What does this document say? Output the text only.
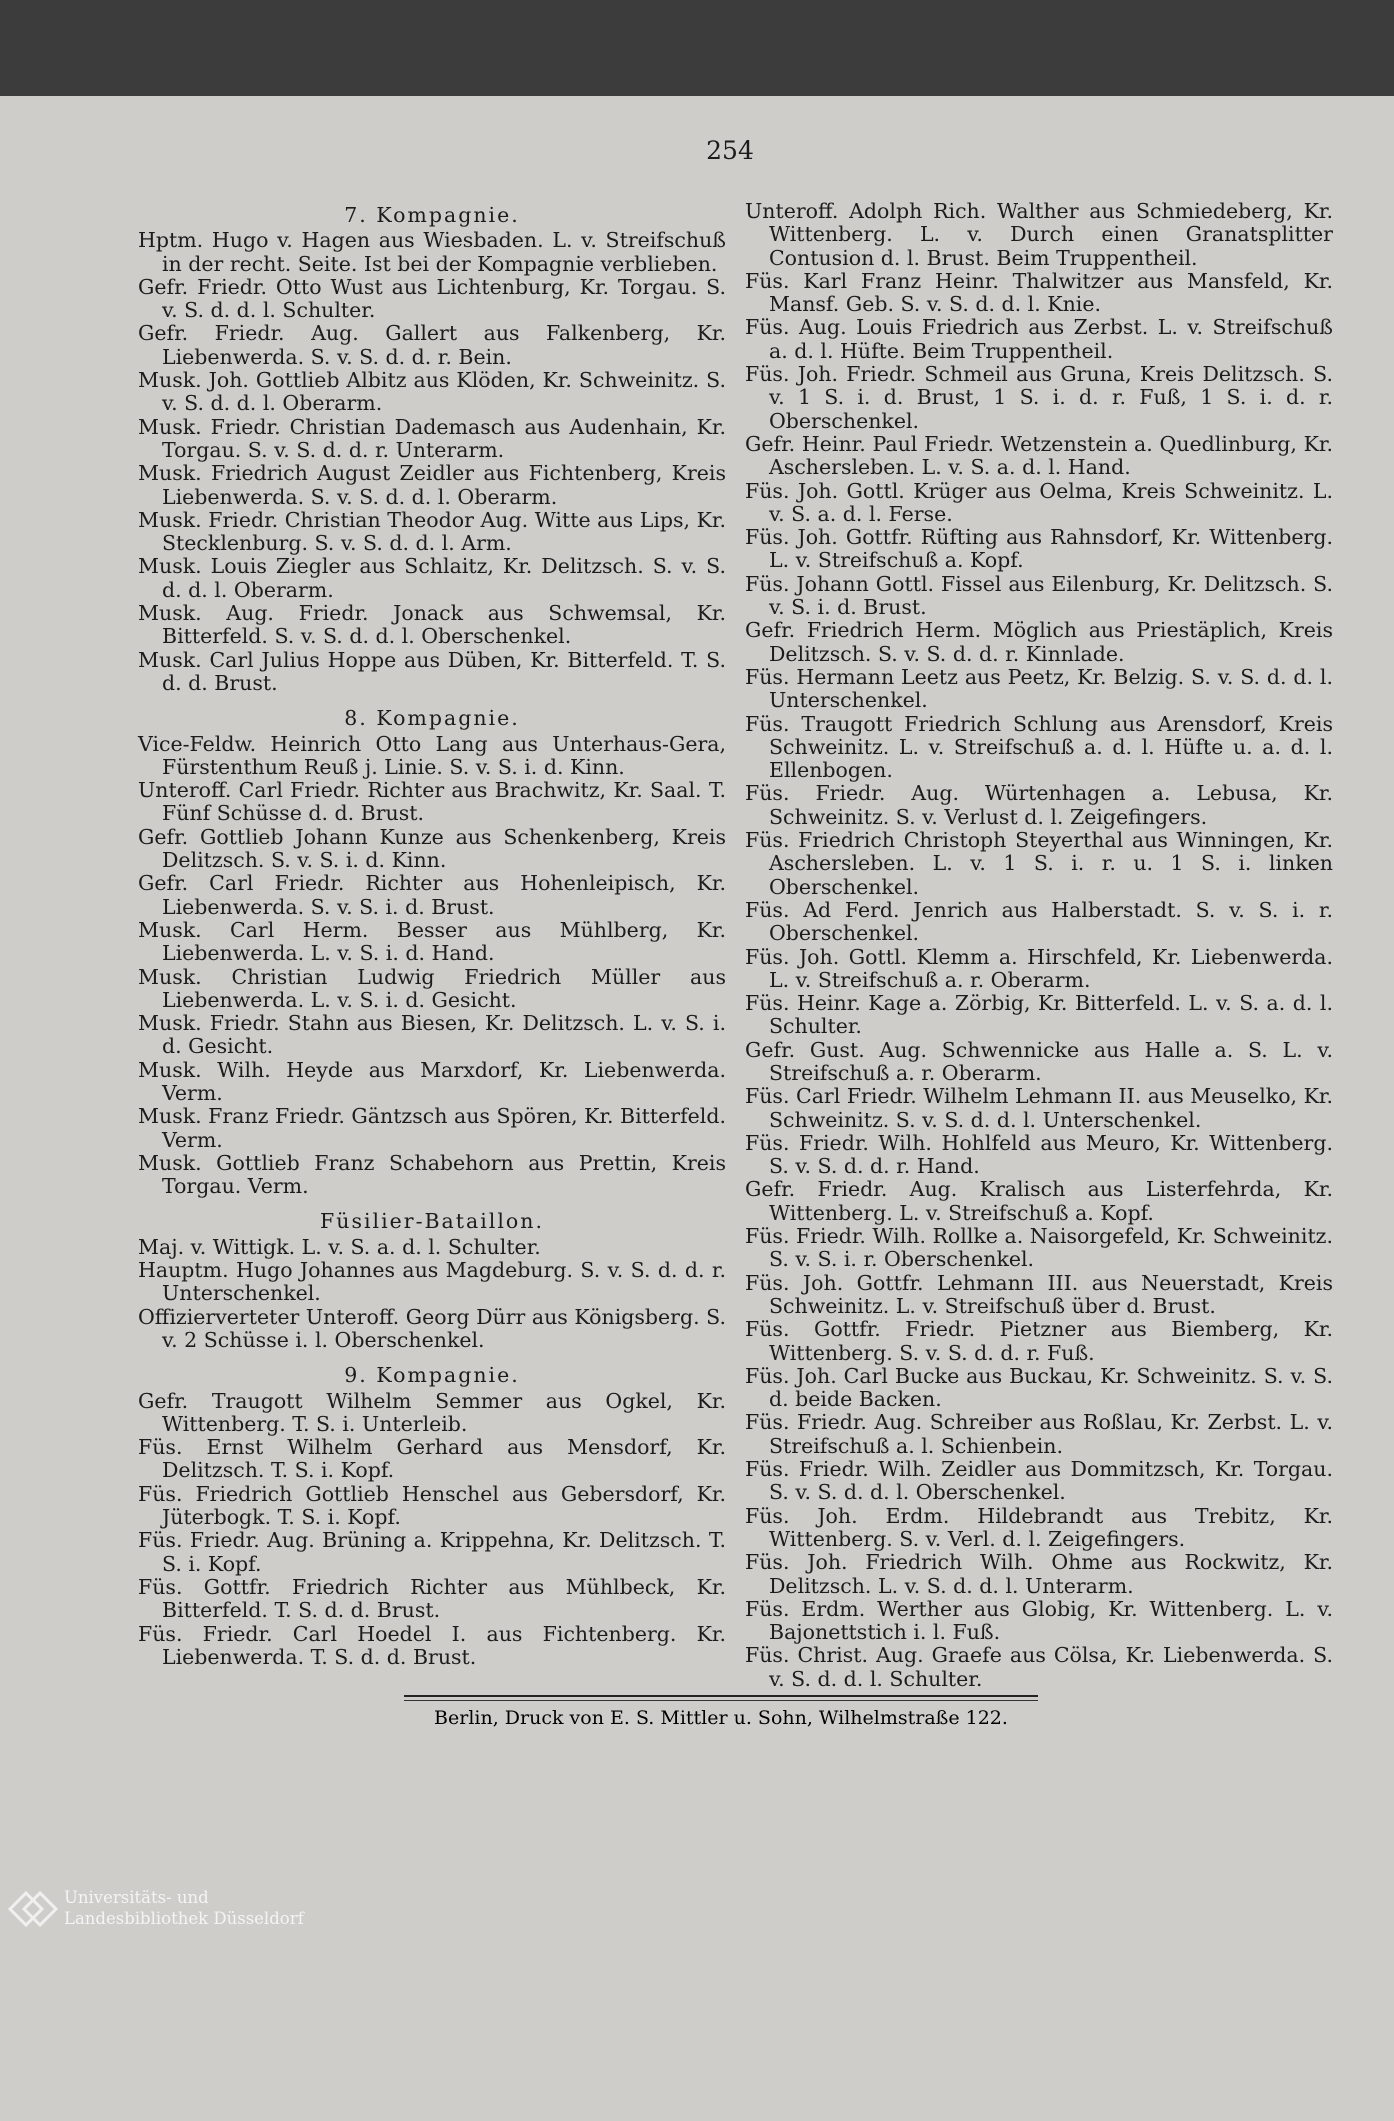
254
7. Kompagnie.
Hptm. Hugo v. Hagen aus Wiesbaden. L. v. Streifschuß in der recht. Seite. Ist bei der Kompagnie verblieben.
Gefr. Friedr. Otto Wust aus Lichtenburg, Kr. Torgau. S. v. S. d. d. l. Schulter.
Gefr. Friedr. Aug. Gallert aus Falkenberg, Kr. Liebenwerda. S. v. S. d. d. r. Bein.
Musk. Joh. Gottlieb Albitz aus Klöden, Kr. Schweinitz. S. v. S. d. d. l. Oberarm.
Musk. Friedr. Christian Dademasch aus Audenhain, Kr. Torgau. S. v. S. d. d. r. Unterarm.
Musk. Friedrich August Zeidler aus Fichtenberg, Kreis Liebenwerda. S. v. S. d. d. l. Oberarm.
Musk. Friedr. Christian Theodor Aug. Witte aus Lips, Kr. Stecklenburg. S. v. S. d. d. l. Arm.
Musk. Louis Ziegler aus Schlaitz, Kr. Delitzsch. S. v. S. d. d. l. Oberarm.
Musk. Aug. Friedr. Jonack aus Schwemsal, Kr. Bitterfeld. S. v. S. d. d. l. Oberschenkel.
Musk. Carl Julius Hoppe aus Düben, Kr. Bitterfeld. T. S. d. d. Brust.
8. Kompagnie.
Vice-Feldw. Heinrich Otto Lang aus Unterhaus-Gera, Fürstenthum Reuß j. Linie. S. v. S. i. d. Kinn.
Unteroff. Carl Friedr. Richter aus Brachwitz, Kr. Saal. T. Fünf Schüsse d. d. Brust.
Gefr. Gottlieb Johann Kunze aus Schenkenberg, Kreis Delitzsch. S. v. S. i. d. Kinn.
Gefr. Carl Friedr. Richter aus Hohenleipisch, Kr. Liebenwerda. S. v. S. i. d. Brust.
Musk. Carl Herm. Besser aus Mühlberg, Kr. Liebenwerda. L. v. S. i. d. Hand.
Musk. Christian Ludwig Friedrich Müller aus Liebenwerda. L. v. S. i. d. Gesicht.
Musk. Friedr. Stahn aus Biesen, Kr. Delitzsch. L. v. S. i. d. Gesicht.
Musk. Wilh. Heyde aus Marxdorf, Kr. Liebenwerda. Verm.
Musk. Franz Friedr. Gäntzsch aus Spören, Kr. Bitterfeld. Verm.
Musk. Gottlieb Franz Schabehorn aus Prettin, Kreis Torgau. Verm.
Füsilier-Bataillon.
Maj. v. Wittigk. L. v. S. a. d. l. Schulter.
Hauptm. Hugo Johannes aus Magdeburg. S. v. S. d. d. r. Unterschenkel.
Offizierverteter Unteroff. Georg Dürr aus Königsberg. S. v. 2 Schüsse i. l. Oberschenkel.
9. Kompagnie.
Gefr. Traugott Wilhelm Semmer aus Ogkel, Kr. Wittenberg. T. S. i. Unterleib.
Füs. Ernst Wilhelm Gerhard aus Mensdorf, Kr. Delitzsch. T. S. i. Kopf.
Füs. Friedrich Gottlieb Henschel aus Gebersdorf, Kr. Jüterbogk. T. S. i. Kopf.
Füs. Friedr. Aug. Brüning a. Krippehna, Kr. Delitzsch. T. S. i. Kopf.
Füs. Gottfr. Friedrich Richter aus Mühlbeck, Kr. Bitterfeld. T. S. d. d. Brust.
Füs. Friedr. Carl Hoedel I. aus Fichtenberg. Kr. Liebenwerda. T. S. d. d. Brust.
Unteroff. Adolph Rich. Walther aus Schmiedeberg, Kr. Wittenberg. L. v. Durch einen Granatsplitter Contusion d. l. Brust. Beim Truppentheil.
Füs. Karl Franz Heinr. Thalwitzer aus Mansfeld, Kr. Mansf. Geb. S. v. S. d. d. l. Knie.
Füs. Aug. Louis Friedrich aus Zerbst. L. v. Streifschuß a. d. l. Hüfte. Beim Truppentheil.
Füs. Joh. Friedr. Schmeil aus Gruna, Kreis Delitzsch. S. v. 1 S. i. d. Brust, 1 S. i. d. r. Fuß, 1 S. i. d. r. Oberschenkel.
Gefr. Heinr. Paul Friedr. Wetzenstein a. Quedlinburg, Kr. Aschersleben. L. v. S. a. d. l. Hand.
Füs. Joh. Gottl. Krüger aus Oelma, Kreis Schweinitz. L. v. S. a. d. l. Ferse.
Füs. Joh. Gottfr. Rüfting aus Rahnsdorf, Kr. Wittenberg. L. v. Streifschuß a. Kopf.
Füs. Johann Gottl. Fissel aus Eilenburg, Kr. Delitzsch. S. v. S. i. d. Brust.
Gefr. Friedrich Herm. Möglich aus Priestäplich, Kreis Delitzsch. S. v. S. d. d. r. Kinnlade.
Füs. Hermann Leetz aus Peetz, Kr. Belzig. S. v. S. d. d. l. Unterschenkel.
Füs. Traugott Friedrich Schlung aus Arensdorf, Kreis Schweinitz. L. v. Streifschuß a. d. l. Hüfte u. a. d. l. Ellenbogen.
Füs. Friedr. Aug. Würtenhagen a. Lebusa, Kr. Schweinitz. S. v. Verlust d. l. Zeigefingers.
Füs. Friedrich Christoph Steyerthal aus Winningen, Kr. Aschersleben. L. v. 1 S. i. r. u. 1 S. i. linken Oberschenkel.
Füs. Ad Ferd. Jenrich aus Halberstadt. S. v. S. i. r. Oberschenkel.
Füs. Joh. Gottl. Klemm a. Hirschfeld, Kr. Liebenwerda. L. v. Streifschuß a. r. Oberarm.
Füs. Heinr. Kage a. Zörbig, Kr. Bitterfeld. L. v. S. a. d. l. Schulter.
Gefr. Gust. Aug. Schwennicke aus Halle a. S. L. v. Streifschuß a. r. Oberarm.
Füs. Carl Friedr. Wilhelm Lehmann II. aus Meuselko, Kr. Schweinitz. S. v. S. d. d. l. Unterschenkel.
Füs. Friedr. Wilh. Hohlfeld aus Meuro, Kr. Wittenberg. S. v. S. d. d. r. Hand.
Gefr. Friedr. Aug. Kralisch aus Listerfehrda, Kr. Wittenberg. L. v. Streifschuß a. Kopf.
Füs. Friedr. Wilh. Rollke a. Naisorgefeld, Kr. Schweinitz. S. v. S. i. r. Oberschenkel.
Füs. Joh. Gottfr. Lehmann III. aus Neuerstadt, Kreis Schweinitz. L. v. Streifschuß über d. Brust.
Füs. Gottfr. Friedr. Pietzner aus Biemberg, Kr. Wittenberg. S. v. S. d. d. r. Fuß.
Füs. Joh. Carl Bucke aus Buckau, Kr. Schweinitz. S. v. S. d. beide Backen.
Füs. Friedr. Aug. Schreiber aus Roßlau, Kr. Zerbst. L. v. Streifschuß a. l. Schienbein.
Füs. Friedr. Wilh. Zeidler aus Dommitzsch, Kr. Torgau. S. v. S. d. d. l. Oberschenkel.
Füs. Joh. Erdm. Hildebrandt aus Trebitz, Kr. Wittenberg. S. v. Verl. d. l. Zeigefingers.
Füs. Joh. Friedrich Wilh. Ohme aus Rockwitz, Kr. Delitzsch. L. v. S. d. d. l. Unterarm.
Füs. Erdm. Werther aus Globig, Kr. Wittenberg. L. v. Bajonettstich i. l. Fuß.
Füs. Christ. Aug. Graefe aus Cölsa, Kr. Liebenwerda. S. v. S. d. d. l. Schulter.
Berlin, Druck von E. S. Mittler u. Sohn, Wilhelmstraße 122.
Universitäts- und
Landesbibliothek Düsseldorf
